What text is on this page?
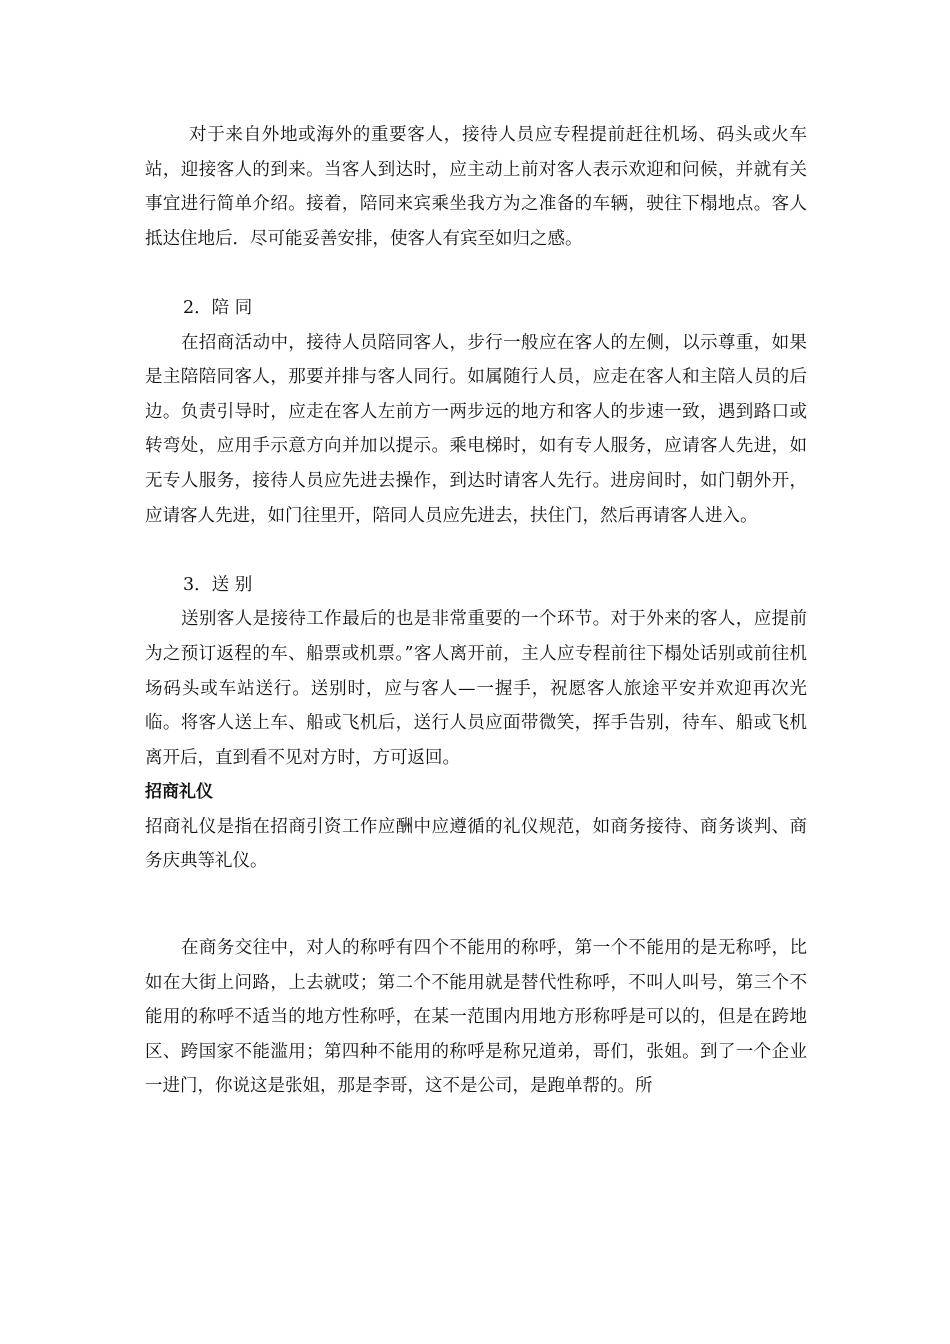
对于来自外地或海外的重要客人，接待人员应专程提前赶往机场、码头或火车站，迎接客人的到来。当客人到达时，应主动上前对客人表示欢迎和问候，并就有关事宜进行简单介绍。接着，陪同来宾乘坐我方为之准备的车辆，驶往下榻地点。客人抵达住地后．尽可能妥善安排，使客人有宾至如归之感。

2．陪 同

在招商活动中，接待人员陪同客人，步行一般应在客人的左侧，以示尊重，如果是主陪陪同客人，那要并排与客人同行。如属随行人员，应走在客人和主陪人员的后边。负责引导时，应走在客人左前方一两步远的地方和客人的步速一致，遇到路口或转弯处，应用手示意方向并加以提示。乘电梯时，如有专人服务，应请客人先进，如无专人服务，接待人员应先进去操作，到达时请客人先行。进房间时，如门朝外开，应请客人先进，如门往里开，陪同人员应先进去，扶住门，然后再请客人进入。

3．送 别

送别客人是接待工作最后的也是非常重要的一个环节。对于外来的客人，应提前为之预订返程的车、船票或机票。”客人离开前，主人应专程前往下榻处话别或前往机场码头或车站送行。送别时，应与客人—一握手，祝愿客人旅途平安并欢迎再次光临。将客人送上车、船或飞机后，送行人员应面带微笑，挥手告别，待车、船或飞机离开后，直到看不见对方时，方可返回。

招商礼仪

招商礼仪是指在招商引资工作应酬中应遵循的礼仪规范，如商务接待、商务谈判、商务庆典等礼仪。

在商务交往中，对人的称呼有四个不能用的称呼，第一个不能用的是无称呼，比如在大街上问路，上去就哎；第二个不能用就是替代性称呼，不叫人叫号，第三个不能用的称呼不适当的地方性称呼，在某一范围内用地方形称呼是可以的，但是在跨地区、跨国家不能滥用；第四种不能用的称呼是称兄道弟，哥们，张姐。到了一个企业一进门，你说这是张姐，那是李哥，这不是公司，是跑单帮的。所
